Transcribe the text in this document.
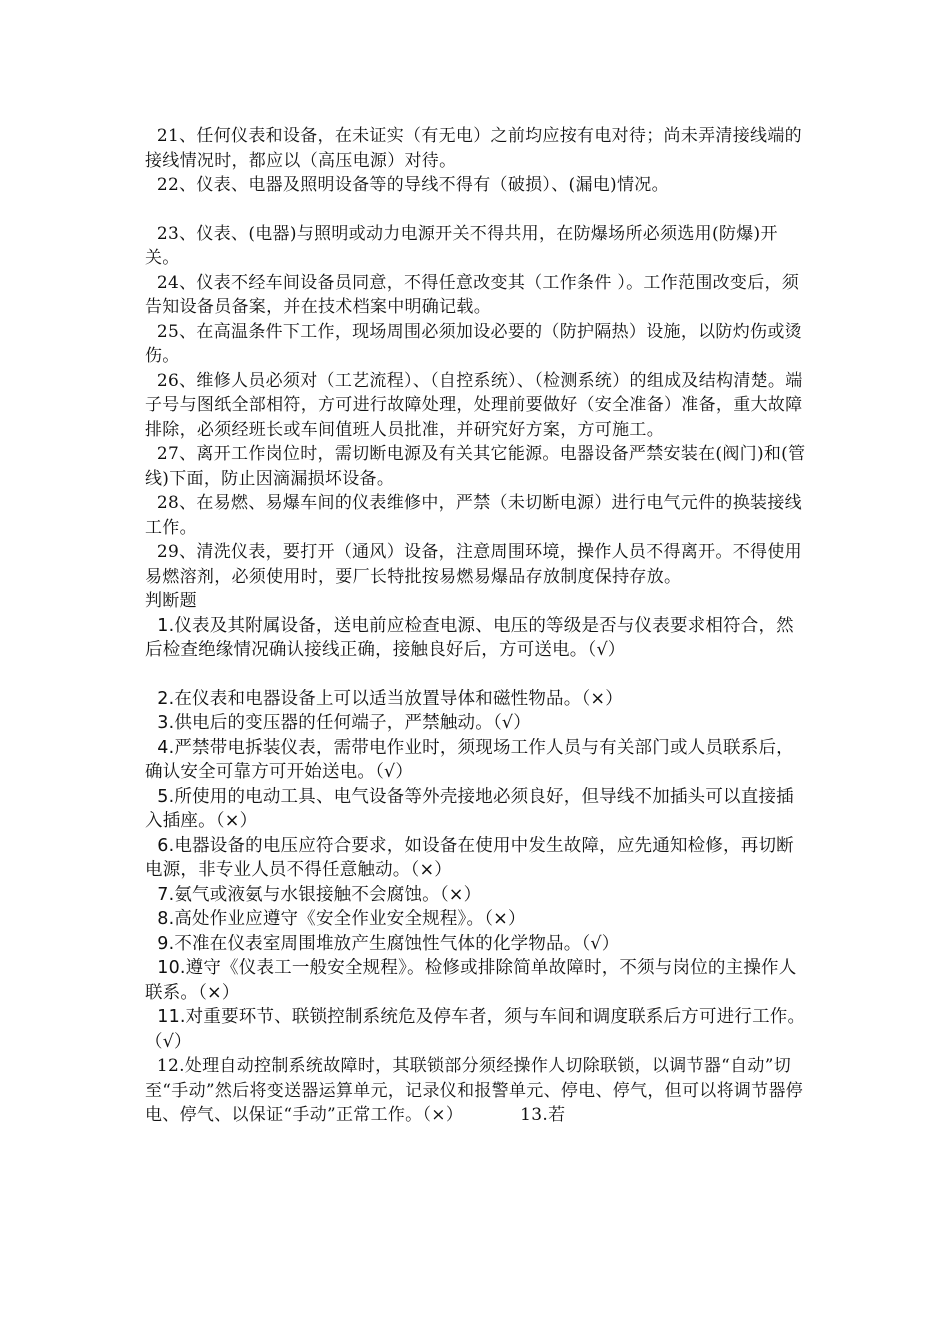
21、任何仪表和设备，在未证实（有无电）之前均应按有电对待；尚未弄清接线端的接线情况时，都应以（高压电源）对待。

22、仪表、电器及照明设备等的导线不得有（破损）、(漏电)情况。

23、仪表、(电器)与照明或动力电源开关不得共用，在防爆场所必须选用(防爆)开关。

24、仪表不经车间设备员同意，不得任意改变其（工作条件 ）。工作范围改变后，须告知设备员备案，并在技术档案中明确记载。

25、在高温条件下工作，现场周围必须加设必要的（防护隔热）设施，以防灼伤或烫伤。

26、维修人员必须对（工艺流程）、（自控系统）、（检测系统）的组成及结构清楚。端子号与图纸全部相符，方可进行故障处理，处理前要做好（安全准备）准备，重大故障排除，必须经班长或车间值班人员批准，并研究好方案，方可施工。

27、离开工作岗位时，需切断电源及有关其它能源。电器设备严禁安装在(阀门)和(管线)下面，防止因滴漏损坏设备。

28、在易燃、易爆车间的仪表维修中，严禁（未切断电源）进行电气元件的换装接线工作。

29、清洗仪表，要打开（通风）设备，注意周围环境，操作人员不得离开。不得使用易燃溶剂，必须使用时，要厂长特批按易燃易爆品存放制度保持存放。

判断题

1.仪表及其附属设备，送电前应检查电源、电压的等级是否与仪表要求相符合，然后检查绝缘情况确认接线正确，接触良好后，方可送电。（√）

2.在仪表和电器设备上可以适当放置导体和磁性物品。（×）

3.供电后的变压器的任何端子，严禁触动。（√）

4.严禁带电拆装仪表，需带电作业时，须现场工作人员与有关部门或人员联系后，确认安全可靠方可开始送电。（√）

5.所使用的电动工具、电气设备等外壳接地必须良好，但导线不加插头可以直接插入插座。（×）

6.电器设备的电压应符合要求，如设备在使用中发生故障，应先通知检修，再切断电源，非专业人员不得任意触动。（×）

7.氨气或液氨与水银接触不会腐蚀。（×）

8.高处作业应遵守《安全作业安全规程》。（×）

9.不准在仪表室周围堆放产生腐蚀性气体的化学物品。（√）

10.遵守《仪表工一般安全规程》。检修或排除简单故障时，不须与岗位的主操作人联系。（×）

11.对重要环节、联锁控制系统危及停车者，须与车间和调度联系后方可进行工作。（√）

12.处理自动控制系统故障时，其联锁部分须经操作人切除联锁，以调节器“自动”切至“手动”然后将变送器运算单元，记录仪和报警单元、停电、停气，但可以将调节器停电、停气、以保证“手动”正常工作。（×）          13.若
